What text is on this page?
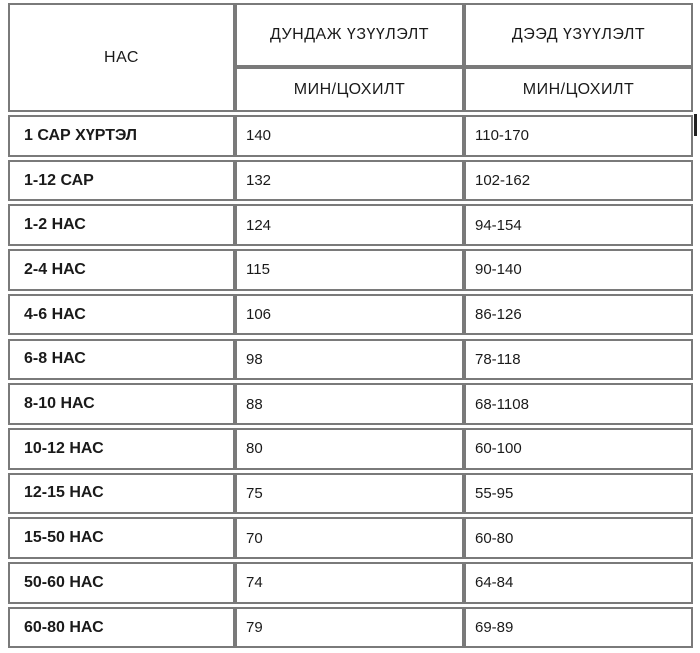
НАС
ДУНДАЖ ҮЗҮҮЛЭЛТ	ДЭЭД ҮЗҮҮЛЭЛТ
МИН/ЦОХИЛТ	МИН/ЦОХИЛТ
1 САР ХҮРТЭЛ	140	110-170
1-12 САР	132	102-162
1-2 НАС	124	94-154
2-4 НАС	115	90-140
4-6 НАС	106	86-126
6-8 НАС	98	78-118
8-10 НАС	88	68-1108
10-12 НАС	80	60-100
12-15 НАС	75	55-95
15-50 НАС	70	60-80
50-60 НАС	74	64-84
60-80 НАС	79	69-89
